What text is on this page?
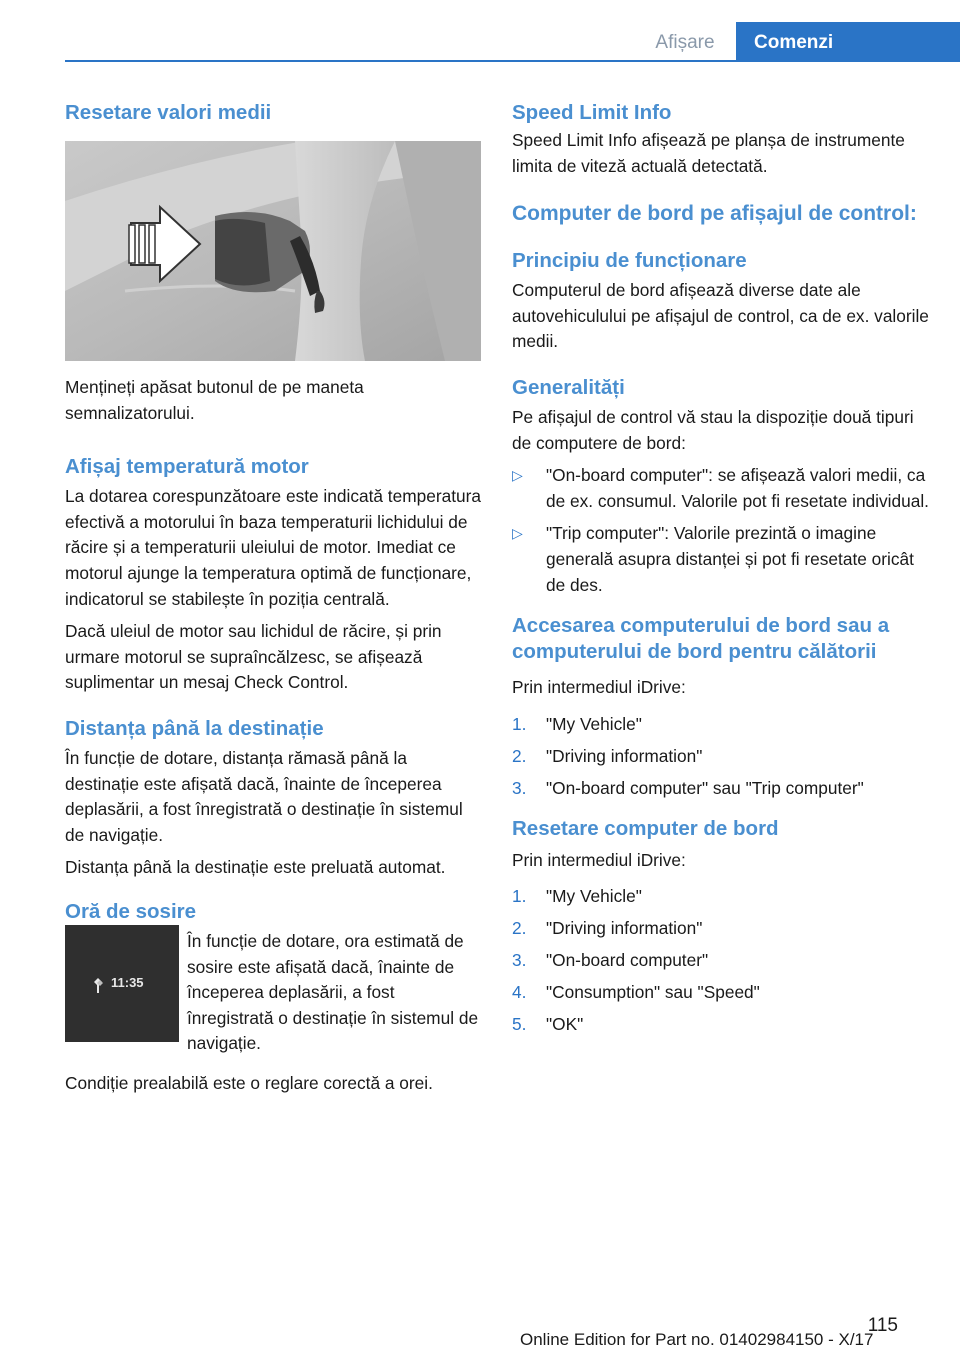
Afișare	Comenzi
Resetare valori medii

Mențineți apăsat butonul de pe maneta semnalizatorului.

Afișaj temperatură motor

La dotarea corespunzătoare este indicată temperatura efectivă a motorului în baza temperaturii lichidului de răcire și a temperaturii uleiului de motor. Imediat ce motorul ajunge la temperatura optimă de funcționare, indicatorul se stabilește în poziția centrală.

Dacă uleiul de motor sau lichidul de răcire, și prin urmare motorul se supraîncălzesc, se afișează suplimentar un mesaj Check Control.

Distanța până la destinație

În funcție de dotare, distanța rămasă până la destinație este afișată dacă, înainte de începerea deplasării, a fost înregistrată o destinație în sistemul de navigație.

Distanța până la destinație este preluată automat.

Oră de sosire
11:35

În funcție de dotare, ora estimată de sosire este afișată dacă, înainte de începerea deplasării, a fost înregistrată o destinație în sistemul de navigație.

Condiție prealabilă este o reglare corectă a orei.

Speed Limit Info

Speed Limit Info afișează pe planșa de instrumente limita de viteză actuală detectată.

Computer de bord pe afișajul de control:
Principiu de funcționare

Computerul de bord afișează diverse date ale autovehiculului pe afișajul de control, ca de ex. valorile medii.

Generalități

Pe afișajul de control vă stau la dispoziție două tipuri de computere de bord:

▷ "On-board computer": se afișează valori medii, ca de ex. consumul. Valorile pot fi resetate individual.
▷ "Trip computer": Valorile prezintă o imagine generală asupra distanței și pot fi resetate oricât de des.
Accesarea computerului de bord sau a computerului de bord pentru călătorii

Prin intermediul iDrive:

1. "My Vehicle"
2. "Driving information"
3. "On-board computer" sau "Trip computer"
Resetare computer de bord

Prin intermediul iDrive:

1. "My Vehicle"
2. "Driving information"
3. "On-board computer"
4. "Consumption" sau "Speed"
5. "OK"
115
Online Edition for Part no. 01402984150 - X/17
